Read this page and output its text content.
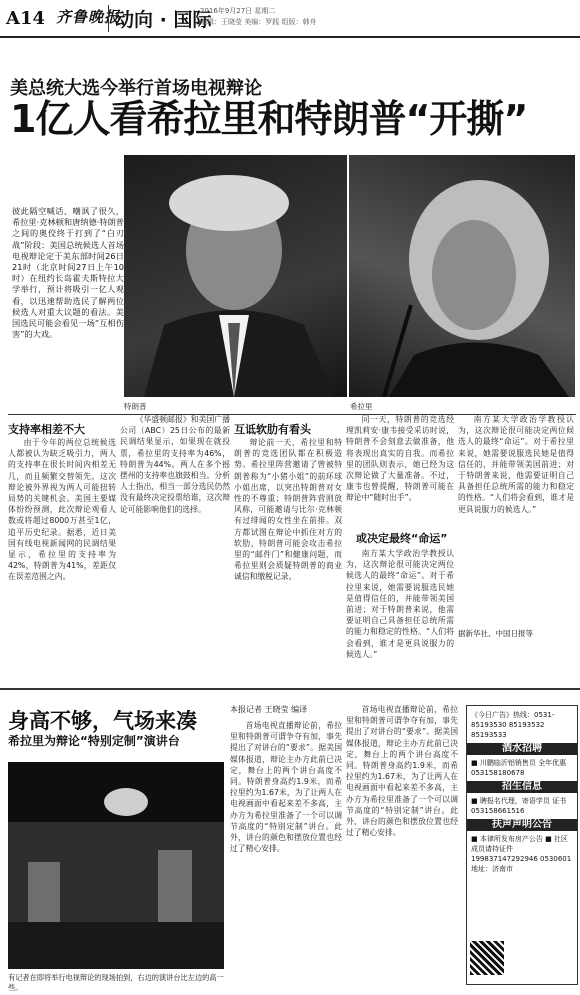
A14 齐鲁晚报
动向 · 国际
2016年9月27日 星期二
编辑：王晓莹 美编：罗践 组版：韩舟
美总统大选今举行首场电视辩论
1亿人看希拉里和特朗普“开撕”
彼此隔空喊话、嘲讽了很久，希拉里·克林顿和唐纳德·特朗普之间的奥佼终于打到了“白刃战”阶段：美国总统候选人首场电视辩论定于美东部时间26日21时（北京时间27日上午10时）在纽约长岛霍夫斯特拉大学举行，预计将吸引一亿人观看，以迅速帮助选民了解两位候选人对重大议题的看法。美国选民可能会看见一场“互相伤害”的大戏。
特朗普	希拉里
支持率相差不大

由于今年的两位总统候选人都被认为缺乏吸引力，两人的支持率在很长时间内相差无几，而且频繁交替领先。这次辩论被外界视为两人可能扭转局势的关键机会。美国主要媒体纷纷预测，此次辩论观看人数或将超过8000万甚至1亿，追平历史纪录。据悉，近日美国有线电视新闻网的民调结果显示，希拉里的支持率为42%，特朗普为41%，差距仅在误差范围之内。

《华盛顿邮报》和美国广播公司（ABC）25日公布的最新民调结果显示，如果现在就投票，希拉里的支持率为46%，特朗普为44%。两人在多个摇摆州的支持率也旗鼓相当。分析人士指出，相当一部分选民仍然没有最终决定投票给谁，这次辩论可能影响他们的选择。

互诋软肋有看头

辩论前一天，希拉里和特朗普的竞选团队都在积极造势。希拉里阵营邀请了曾被特朗普称为“小猪小姐”的前环球小姐出席，以突出特朗普对女性的不尊重；特朗普阵营则放风称，可能邀请与比尔·克林顿有过绯闻的女性坐在前排。双方都试图在辩论中抓住对方的软肋，特朗普可能会攻击希拉里的“邮件门”和健康问题，而希拉里则会质疑特朗普的商业诚信和缴税记录。

同一天，特朗普的竞选经理凯莉安·康韦接受采访时说，特朗普不会刻意去做准备，他将表现出真实的自我。而希拉里的团队则表示，她已经为这次辩论做了大量准备。不过，康韦也曾提醒，特朗普可能在辩论中“随时出手”。

或决定最终“命运”

南方某大学政治学教授认为，这次辩论很可能决定两位候选人的最终“命运”。对于希拉里来说，她需要说服选民她是值得信任的，并能带领美国前进；对于特朗普来说，他需要证明自己具备担任总统所需的能力和稳定的性格。“人们将会看到，谁才是更具说服力的候选人。”

南方某大学政治学教授认为，这次辩论很可能决定两位候选人的最终“命运”。对于希拉里来说，她需要说服选民她是值得信任的，并能带领美国前进；对于特朗普来说，他需要证明自己具备担任总统所需的能力和稳定的性格。“人们将会看到，谁才是更具说服力的候选人。”

据新华社、中国日报等
身高不够，气场来凑
希拉里为辩论“特别定制”演讲台
有记者在即将举行电视辩论的现场拍到，右边的演讲台比左边的高一些。
本报记者 王晓莹 编译

首场电视直播辩论前，希拉里和特朗普可谓争夺有加，事先提出了对讲台的“要求”。据美国媒体报道，辩论主办方此前已决定，舞台上的两个讲台高度不同。特朗普身高约1.9米，而希拉里约为1.67米，为了让两人在电视画面中看起来差不多高，主办方为希拉里准备了一个可以调节高度的“特别定制”讲台。此外，讲台的颜色和摆放位置也经过了精心安排。

首场电视直播辩论前，希拉里和特朗普可谓争夺有加，事先提出了对讲台的“要求”。据美国媒体报道，辩论主办方此前已决定，舞台上的两个讲台高度不同。特朗普身高约1.9米，而希拉里约为1.67米，为了让两人在电视画面中看起来差不多高，主办方为希拉里准备了一个可以调节高度的“特别定制”讲台。此外，讲台的颜色和摆放位置也经过了精心安排。

《今日广告》热线：0531-85193530 85193532 85193533
酒水招聘
■ 川鹏临沂铝销售员 全年优惠 053158180678
招生信息
■ 聘报名代理，寄语学员 证书 053158661516
扶声声明公告
■ 本律所发布房产公告 ■ 社区成员请持证件 199837147292946 0530601 地址：济南市
